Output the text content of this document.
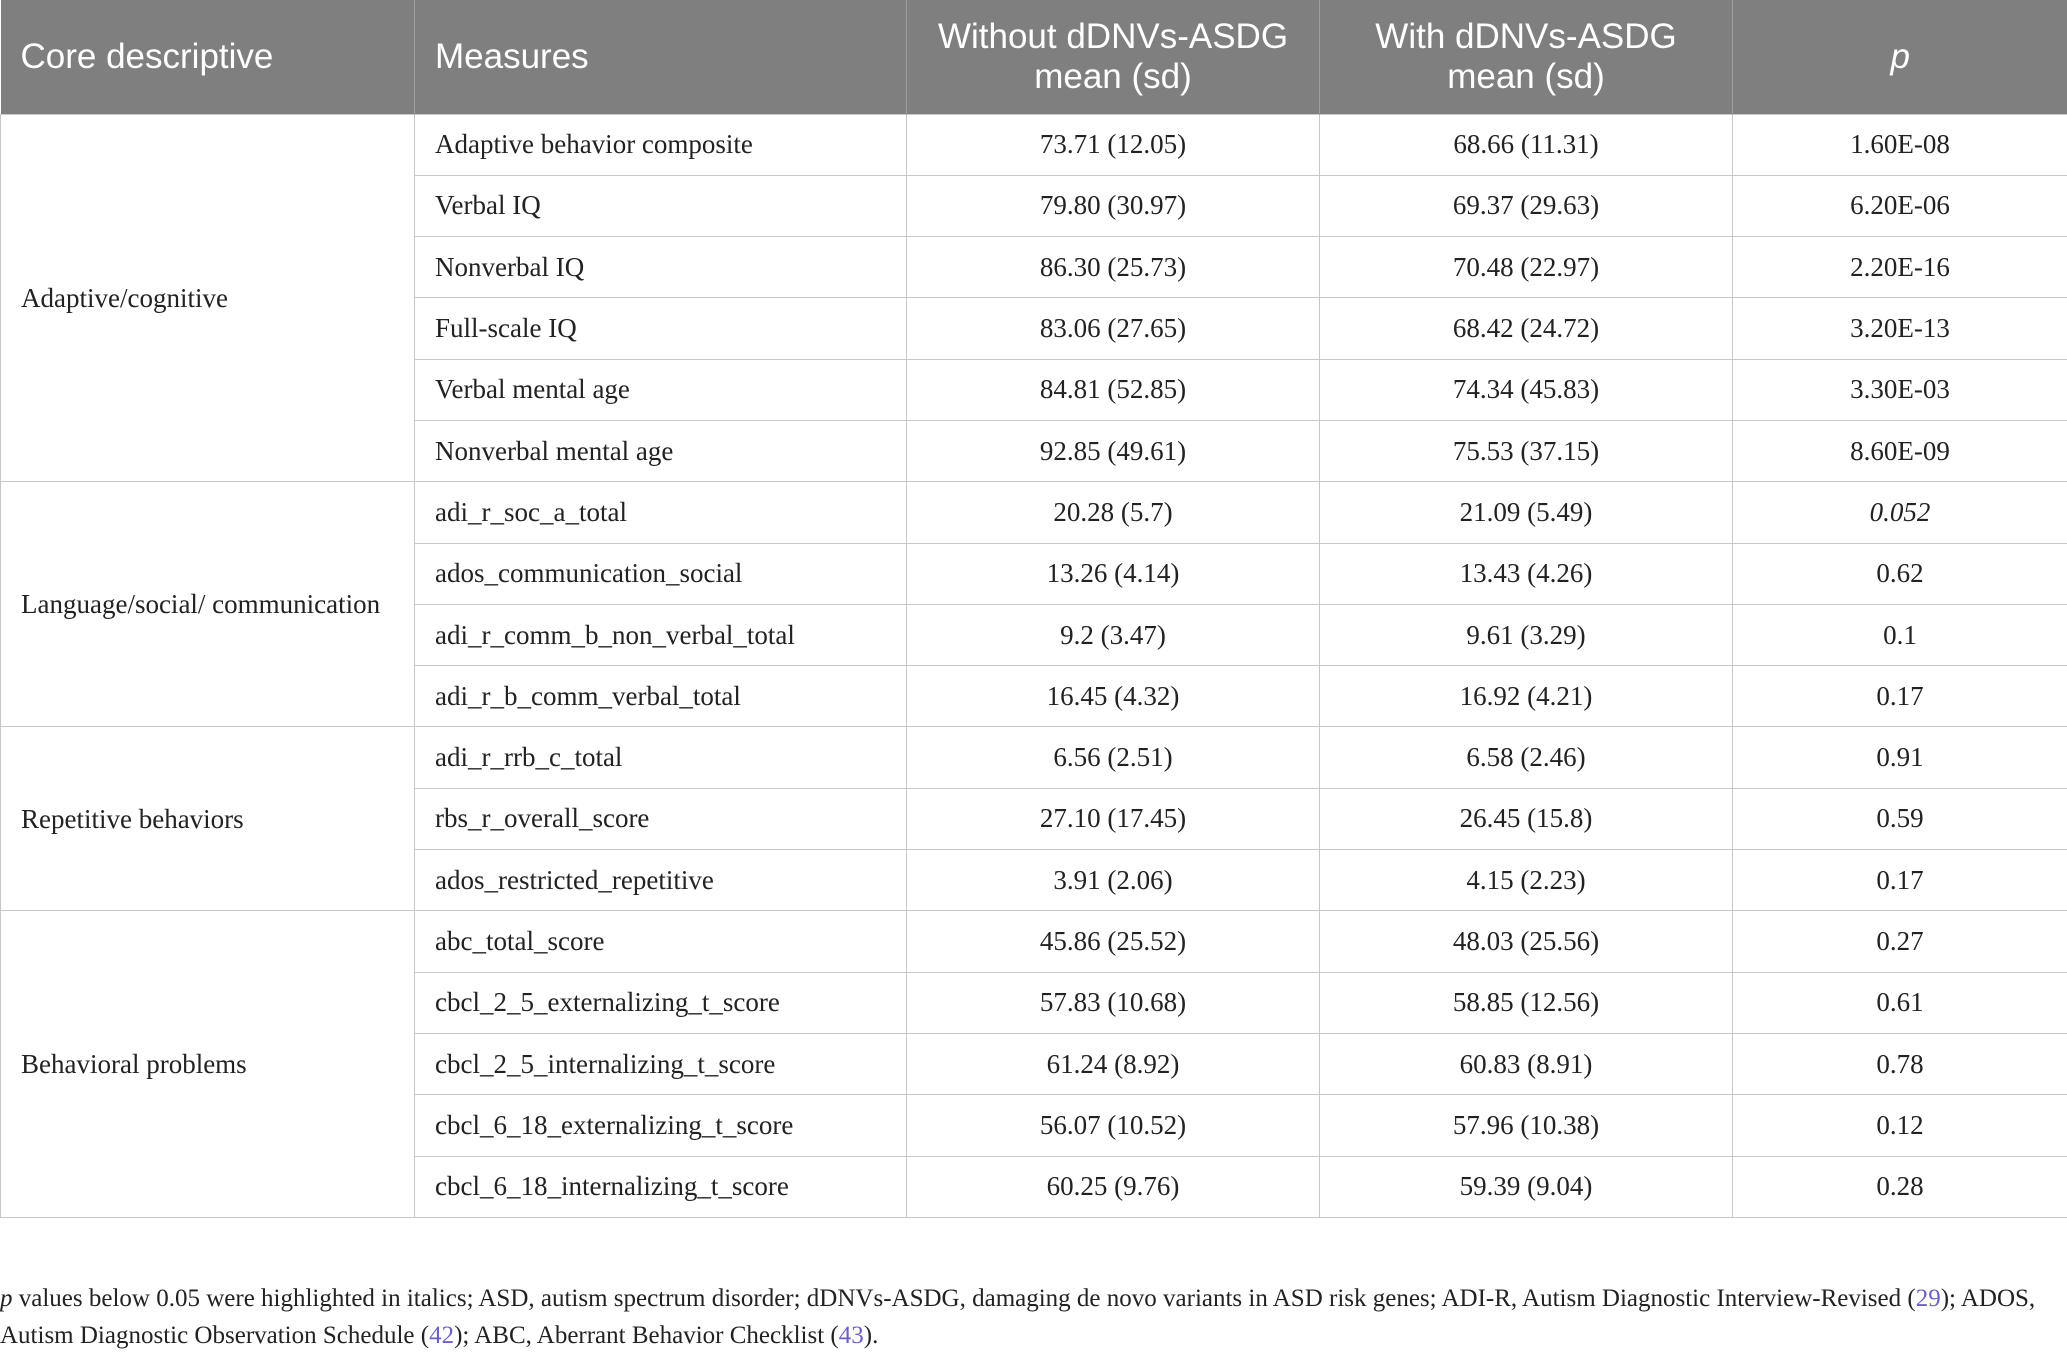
Core descriptive	Measures	Without dDNVs-ASDG mean (sd)	With dDNVs-ASDG mean (sd)	p
Adaptive/cognitive	Adaptive behavior composite	73.71 (12.05)	68.66 (11.31)	1.60E-08
	Verbal IQ	79.80 (30.97)	69.37 (29.63)	6.20E-06
	Nonverbal IQ	86.30 (25.73)	70.48 (22.97)	2.20E-16
	Full-scale IQ	83.06 (27.65)	68.42 (24.72)	3.20E-13
	Verbal mental age	84.81 (52.85)	74.34 (45.83)	3.30E-03
	Nonverbal mental age	92.85 (49.61)	75.53 (37.15)	8.60E-09
Language/social/ communication	adi_r_soc_a_total	20.28 (5.7)	21.09 (5.49)	0.052
	ados_communication_social	13.26 (4.14)	13.43 (4.26)	0.62
	adi_r_comm_b_non_verbal_total	9.2 (3.47)	9.61 (3.29)	0.1
	adi_r_b_comm_verbal_total	16.45 (4.32)	16.92 (4.21)	0.17
Repetitive behaviors	adi_r_rrb_c_total	6.56 (2.51)	6.58 (2.46)	0.91
	rbs_r_overall_score	27.10 (17.45)	26.45 (15.8)	0.59
	ados_restricted_repetitive	3.91 (2.06)	4.15 (2.23)	0.17
Behavioral problems	abc_total_score	45.86 (25.52)	48.03 (25.56)	0.27
	cbcl_2_5_externalizing_t_score	57.83 (10.68)	58.85 (12.56)	0.61
	cbcl_2_5_internalizing_t_score	61.24 (8.92)	60.83 (8.91)	0.78
	cbcl_6_18_externalizing_t_score	56.07 (10.52)	57.96 (10.38)	0.12
	cbcl_6_18_internalizing_t_score	60.25 (9.76)	59.39 (9.04)	0.28
p values below 0.05 were highlighted in italics; ASD, autism spectrum disorder; dDNVs-ASDG, damaging de novo variants in ASD risk genes; ADI-R, Autism Diagnostic Interview-Revised (29); ADOS, Autism Diagnostic Observation Schedule (42); ABC, Aberrant Behavior Checklist (43).
